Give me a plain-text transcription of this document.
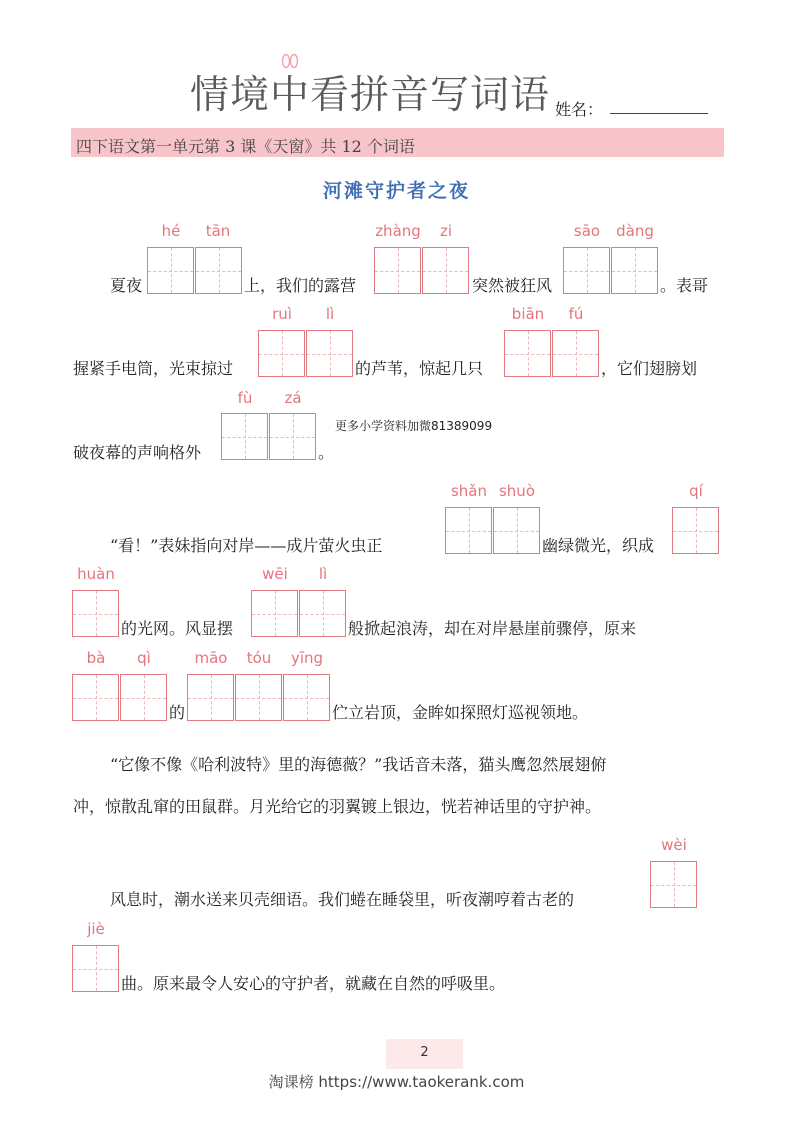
情境中看拼音写词语 姓名：
四下语文第一单元第 3 课《天窗》共 12 个词语
河滩守护者之夜
hé	tān	zhàng	zi	sāo	dàng
夏夜	上，我们的露营	突然被狂风	。表哥
ruì	lì	biān	fú
握紧手电筒，光束掠过	的芦苇，惊起几只	，它们翅膀划
fù	zá
破夜幕的声响格外	。
更多小学资料加微81389099
shǎn shuò	qí
“看！”表妹指向对岸——成片萤火虫正	幽绿微光，织成
huàn	wēi	lì
的光网。风显摆	般掀起浪涛，却在对岸悬崖前骤停，原来
bà	qì	māo	tóu	yīng
的	伫立岩顶，金眸如探照灯巡视领地。
“它像不像《哈利波特》里的海德薇？”我话音未落，猫头鹰忽然展翅俯
冲，惊散乱窜的田鼠群。月光给它的羽翼镀上银边，恍若神话里的守护神。
wèi
风息时，潮水送来贝壳细语。我们蜷在睡袋里，听夜潮哼着古老的
jiè
曲。原来最令人安心的守护者，就藏在自然的呼吸里。
2
淘课榜 https://www.taokerank.com
